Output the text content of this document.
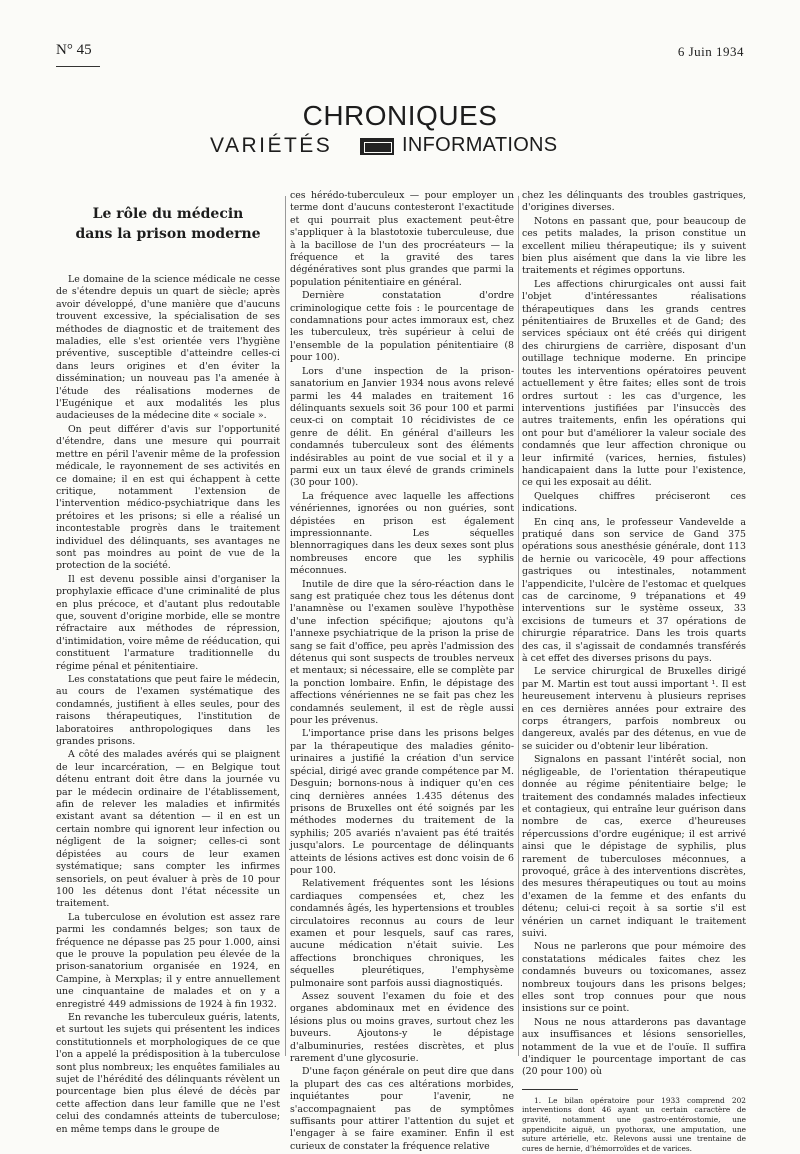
N° 45	6 Juin 1934
CHRONIQUES
VARIÉTÉS	INFORMATIONS
Le rôle du médecin
dans la prison moderne

Le domaine de la science médicale ne cesse de s'étendre depuis un quart de siècle; après avoir développé, d'une manière que d'aucuns trouvent excessive, la spécialisation de ses méthodes de diagnostic et de traitement des maladies, elle s'est orientée vers l'hygiène préventive, susceptible d'atteindre celles-ci dans leurs origines et d'en éviter la dissémination; un nouveau pas l'a amenée à l'étude des réalisations modernes de l'Eugénique et aux modalités les plus audacieuses de la médecine dite « sociale ».

On peut différer d'avis sur l'opportunité d'étendre, dans une mesure qui pourrait mettre en péril l'avenir même de la profession médicale, le rayonnement de ses activités en ce domaine; il en est qui échappent à cette critique, notamment l'extension de l'intervention médico-psychiatrique dans les prétoires et les prisons; si elle a réalisé un incontestable progrès dans le traitement individuel des délinquants, ses avantages ne sont pas moindres au point de vue de la protection de la société.

Il est devenu possible ainsi d'organiser la prophylaxie efficace d'une criminalité de plus en plus précoce, et d'autant plus redoutable que, souvent d'origine morbide, elle se montre réfractaire aux méthodes de répression, d'intimidation, voire même de rééducation, qui constituent l'armature traditionnelle du régime pénal et pénitentiaire.

Les constatations que peut faire le médecin, au cours de l'examen systématique des condamnés, justifient à elles seules, pour des raisons thérapeutiques, l'institution de laboratoires anthropologiques dans les grandes prisons.

A côté des malades avérés qui se plaignent de leur incarcération, — en Belgique tout détenu entrant doit être dans la journée vu par le médecin ordinaire de l'établissement, afin de relever les maladies et infirmités existant avant sa détention — il en est un certain nombre qui ignorent leur infection ou négligent de la soigner; celles-ci sont dépistées au cours de leur examen systématique; sans compter les infirmes sensoriels, on peut évaluer à près de 10 pour 100 les détenus dont l'état nécessite un traitement.

La tuberculose en évolution est assez rare parmi les condamnés belges; son taux de fréquence ne dépasse pas 25 pour 1.000, ainsi que le prouve la population peu élevée de la prison-sanatorium organisée en 1924, en Campine, à Merxplas; il y entre annuellement une cinquantaine de malades et on y a enregistré 449 admissions de 1924 à fin 1932.

En revanche les tuberculeux guéris, latents, et surtout les sujets qui présentent les indices constitutionnels et morphologiques de ce que l'on a appelé la prédisposition à la tuberculose sont plus nombreux; les enquêtes familiales au sujet de l'hérédité des délinquants révèlent un pourcentage bien plus élevé de décès par cette affection dans leur famille que ne l'est celui des condamnés atteints de tuberculose; en même temps dans le groupe de

ces hérédo-tuberculeux — pour employer un terme dont d'aucuns contesteront l'exactitude et qui pourrait plus exactement peut-être s'appliquer à la blastotoxie tuberculeuse, due à la bacillose de l'un des procréateurs — la fréquence et la gravité des tares dégénératives sont plus grandes que parmi la population pénitentiaire en général.

Dernière constatation d'ordre criminologique cette fois : le pourcentage de condamnations pour actes immoraux est, chez les tuberculeux, très supérieur à celui de l'ensemble de la population pénitentiaire (8 pour 100).

Lors d'une inspection de la prison-sanatorium en Janvier 1934 nous avons relevé parmi les 44 malades en traitement 16 délinquants sexuels soit 36 pour 100 et parmi ceux-ci on comptait 10 récidivistes de ce genre de délit. En général d'ailleurs les condamnés tuberculeux sont des éléments indésirables au point de vue social et il y a parmi eux un taux élevé de grands criminels (30 pour 100).

La fréquence avec laquelle les affections vénériennes, ignorées ou non guéries, sont dépistées en prison est également impressionnante. Les séquelles blennorragiques dans les deux sexes sont plus nombreuses encore que les syphilis méconnues.

Inutile de dire que la séro-réaction dans le sang est pratiquée chez tous les détenus dont l'anamnèse ou l'examen soulève l'hypothèse d'une infection spécifique; ajoutons qu'à l'annexe psychiatrique de la prison la prise de sang se fait d'office, peu après l'admission des détenus qui sont suspects de troubles nerveux et mentaux; si nécessaire, elle se complète par la ponction lombaire. Enfin, le dépistage des affections vénériennes ne se fait pas chez les condamnés seulement, il est de règle aussi pour les prévenus.

L'importance prise dans les prisons belges par la thérapeutique des maladies génito-urinaires a justifié la création d'un service spécial, dirigé avec grande compétence par M. Desguin; bornons-nous à indiquer qu'en ces cinq dernières années 1.435 détenus des prisons de Bruxelles ont été soignés par les méthodes modernes du traitement de la syphilis; 205 avariés n'avaient pas été traités jusqu'alors. Le pourcentage de délinquants atteints de lésions actives est donc voisin de 6 pour 100.

Relativement fréquentes sont les lésions cardiaques compensées et, chez les condamnés âgés, les hypertensions et troubles circulatoires reconnus au cours de leur examen et pour lesquels, sauf cas rares, aucune médication n'était suivie. Les affections bronchiques chroniques, les séquelles pleurétiques, l'emphysème pulmonaire sont parfois aussi diagnostiqués.

Assez souvent l'examen du foie et des organes abdominaux met en évidence des lésions plus ou moins graves, surtout chez les buveurs. Ajoutons-y le dépistage d'albuminuries, restées discrètes, et plus rarement d'une glycosurie.

D'une façon générale on peut dire que dans la plupart des cas ces altérations morbides, inquiétantes pour l'avenir, ne s'accompagnaient pas de symptômes suffisants pour attirer l'attention du sujet et l'engager à se faire examiner. Enfin il est curieux de constater la fréquence relative

chez les délinquants des troubles gastriques, d'origines diverses.

Notons en passant que, pour beaucoup de ces petits malades, la prison constitue un excellent milieu thérapeutique; ils y suivent bien plus aisément que dans la vie libre les traitements et régimes opportuns.

Les affections chirurgicales ont aussi fait l'objet d'intéressantes réalisations thérapeutiques dans les grands centres pénitentiaires de Bruxelles et de Gand; des services spéciaux ont été créés qui dirigent des chirurgiens de carrière, disposant d'un outillage technique moderne. En principe toutes les interventions opératoires peuvent actuellement y être faites; elles sont de trois ordres surtout : les cas d'urgence, les interventions justifiées par l'insuccès des autres traitements, enfin les opérations qui ont pour but d'améliorer la valeur sociale des condamnés que leur affection chronique ou leur infirmité (varices, hernies, fistules) handicapaient dans la lutte pour l'existence, ce qui les exposait au délit.

Quelques chiffres préciseront ces indications.

En cinq ans, le professeur Vandevelde a pratiqué dans son service de Gand 375 opérations sous anesthésie générale, dont 113 de hernie ou varicocèle, 49 pour affections gastriques ou intestinales, notamment l'appendicite, l'ulcère de l'estomac et quelques cas de carcinome, 9 trépanations et 49 interventions sur le système osseux, 33 excisions de tumeurs et 37 opérations de chirurgie réparatrice. Dans les trois quarts des cas, il s'agissait de condamnés transférés à cet effet des diverses prisons du pays.

Le service chirurgical de Bruxelles dirigé par M. Martin est tout aussi important ¹. Il est heureusement intervenu à plusieurs reprises en ces dernières années pour extraire des corps étrangers, parfois nombreux ou dangereux, avalés par des détenus, en vue de se suicider ou d'obtenir leur libération.

Signalons en passant l'intérêt social, non négligeable, de l'orientation thérapeutique donnée au régime pénitentiaire belge; le traitement des condamnés malades infectieux et contagieux, qui entraîne leur guérison dans nombre de cas, exerce d'heureuses répercussions d'ordre eugénique; il est arrivé ainsi que le dépistage de syphilis, plus rarement de tuberculoses méconnues, a provoqué, grâce à des interventions discrètes, des mesures thérapeutiques ou tout au moins d'examen de la femme et des enfants du détenu; celui-ci reçoit à sa sortie s'il est vénérien un carnet indiquant le traitement suivi.

Nous ne parlerons que pour mémoire des constatations médicales faites chez les condamnés buveurs ou toxicomanes, assez nombreux toujours dans les prisons belges; elles sont trop connues pour que nous insistions sur ce point.

Nous ne nous attarderons pas davantage aux insuffisances et lésions sensorielles, notamment de la vue et de l'ouïe. Il suffira d'indiquer le pourcentage important de cas (20 pour 100) où

1. Le bilan opératoire pour 1933 comprend 202 interventions dont 46 ayant un certain caractère de gravité, notamment une gastro-entérostomie, une appendicite aiguë, un pyothorax, une amputation, une suture artérielle, etc. Relevons aussi une trentaine de cures de hernie, d'hémorroïdes et de varices.
